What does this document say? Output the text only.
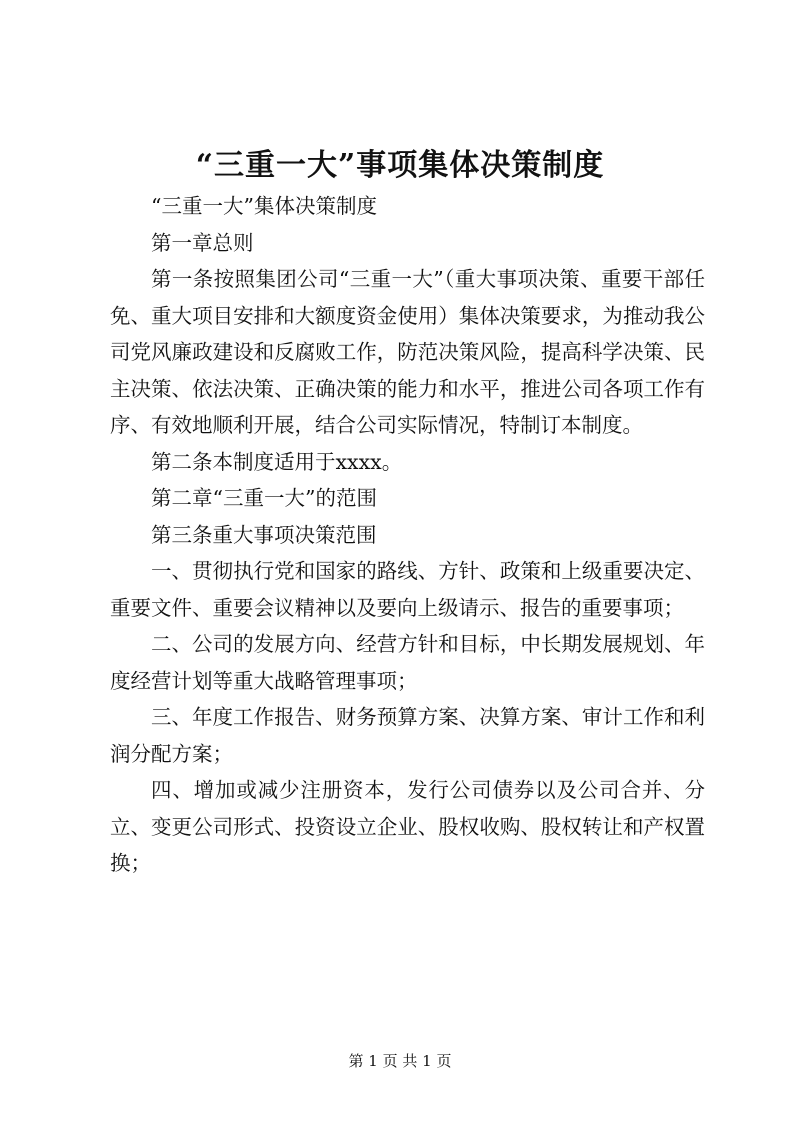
“三重一大”事项集体决策制度

“三重一大”集体决策制度

第一章总则

第一条按照集团公司“三重一大”（重大事项决策、重要干部任免、重大项目安排和大额度资金使用）集体决策要求，为推动我公司党风廉政建设和反腐败工作，防范决策风险，提高科学决策、民主决策、依法决策、正确决策的能力和水平，推进公司各项工作有序、有效地顺利开展，结合公司实际情况，特制订本制度。

第二条本制度适用于xxxx。

第二章“三重一大”的范围

第三条重大事项决策范围

一、贯彻执行党和国家的路线、方针、政策和上级重要决定、重要文件、重要会议精神以及要向上级请示、报告的重要事项；

二、公司的发展方向、经营方针和目标，中长期发展规划、年度经营计划等重大战略管理事项；

三、年度工作报告、财务预算方案、决算方案、审计工作和利润分配方案；

四、增加或减少注册资本，发行公司债券以及公司合并、分立、变更公司形式、投资设立企业、股权收购、股权转让和产权置换；

第 1 页 共 1 页
